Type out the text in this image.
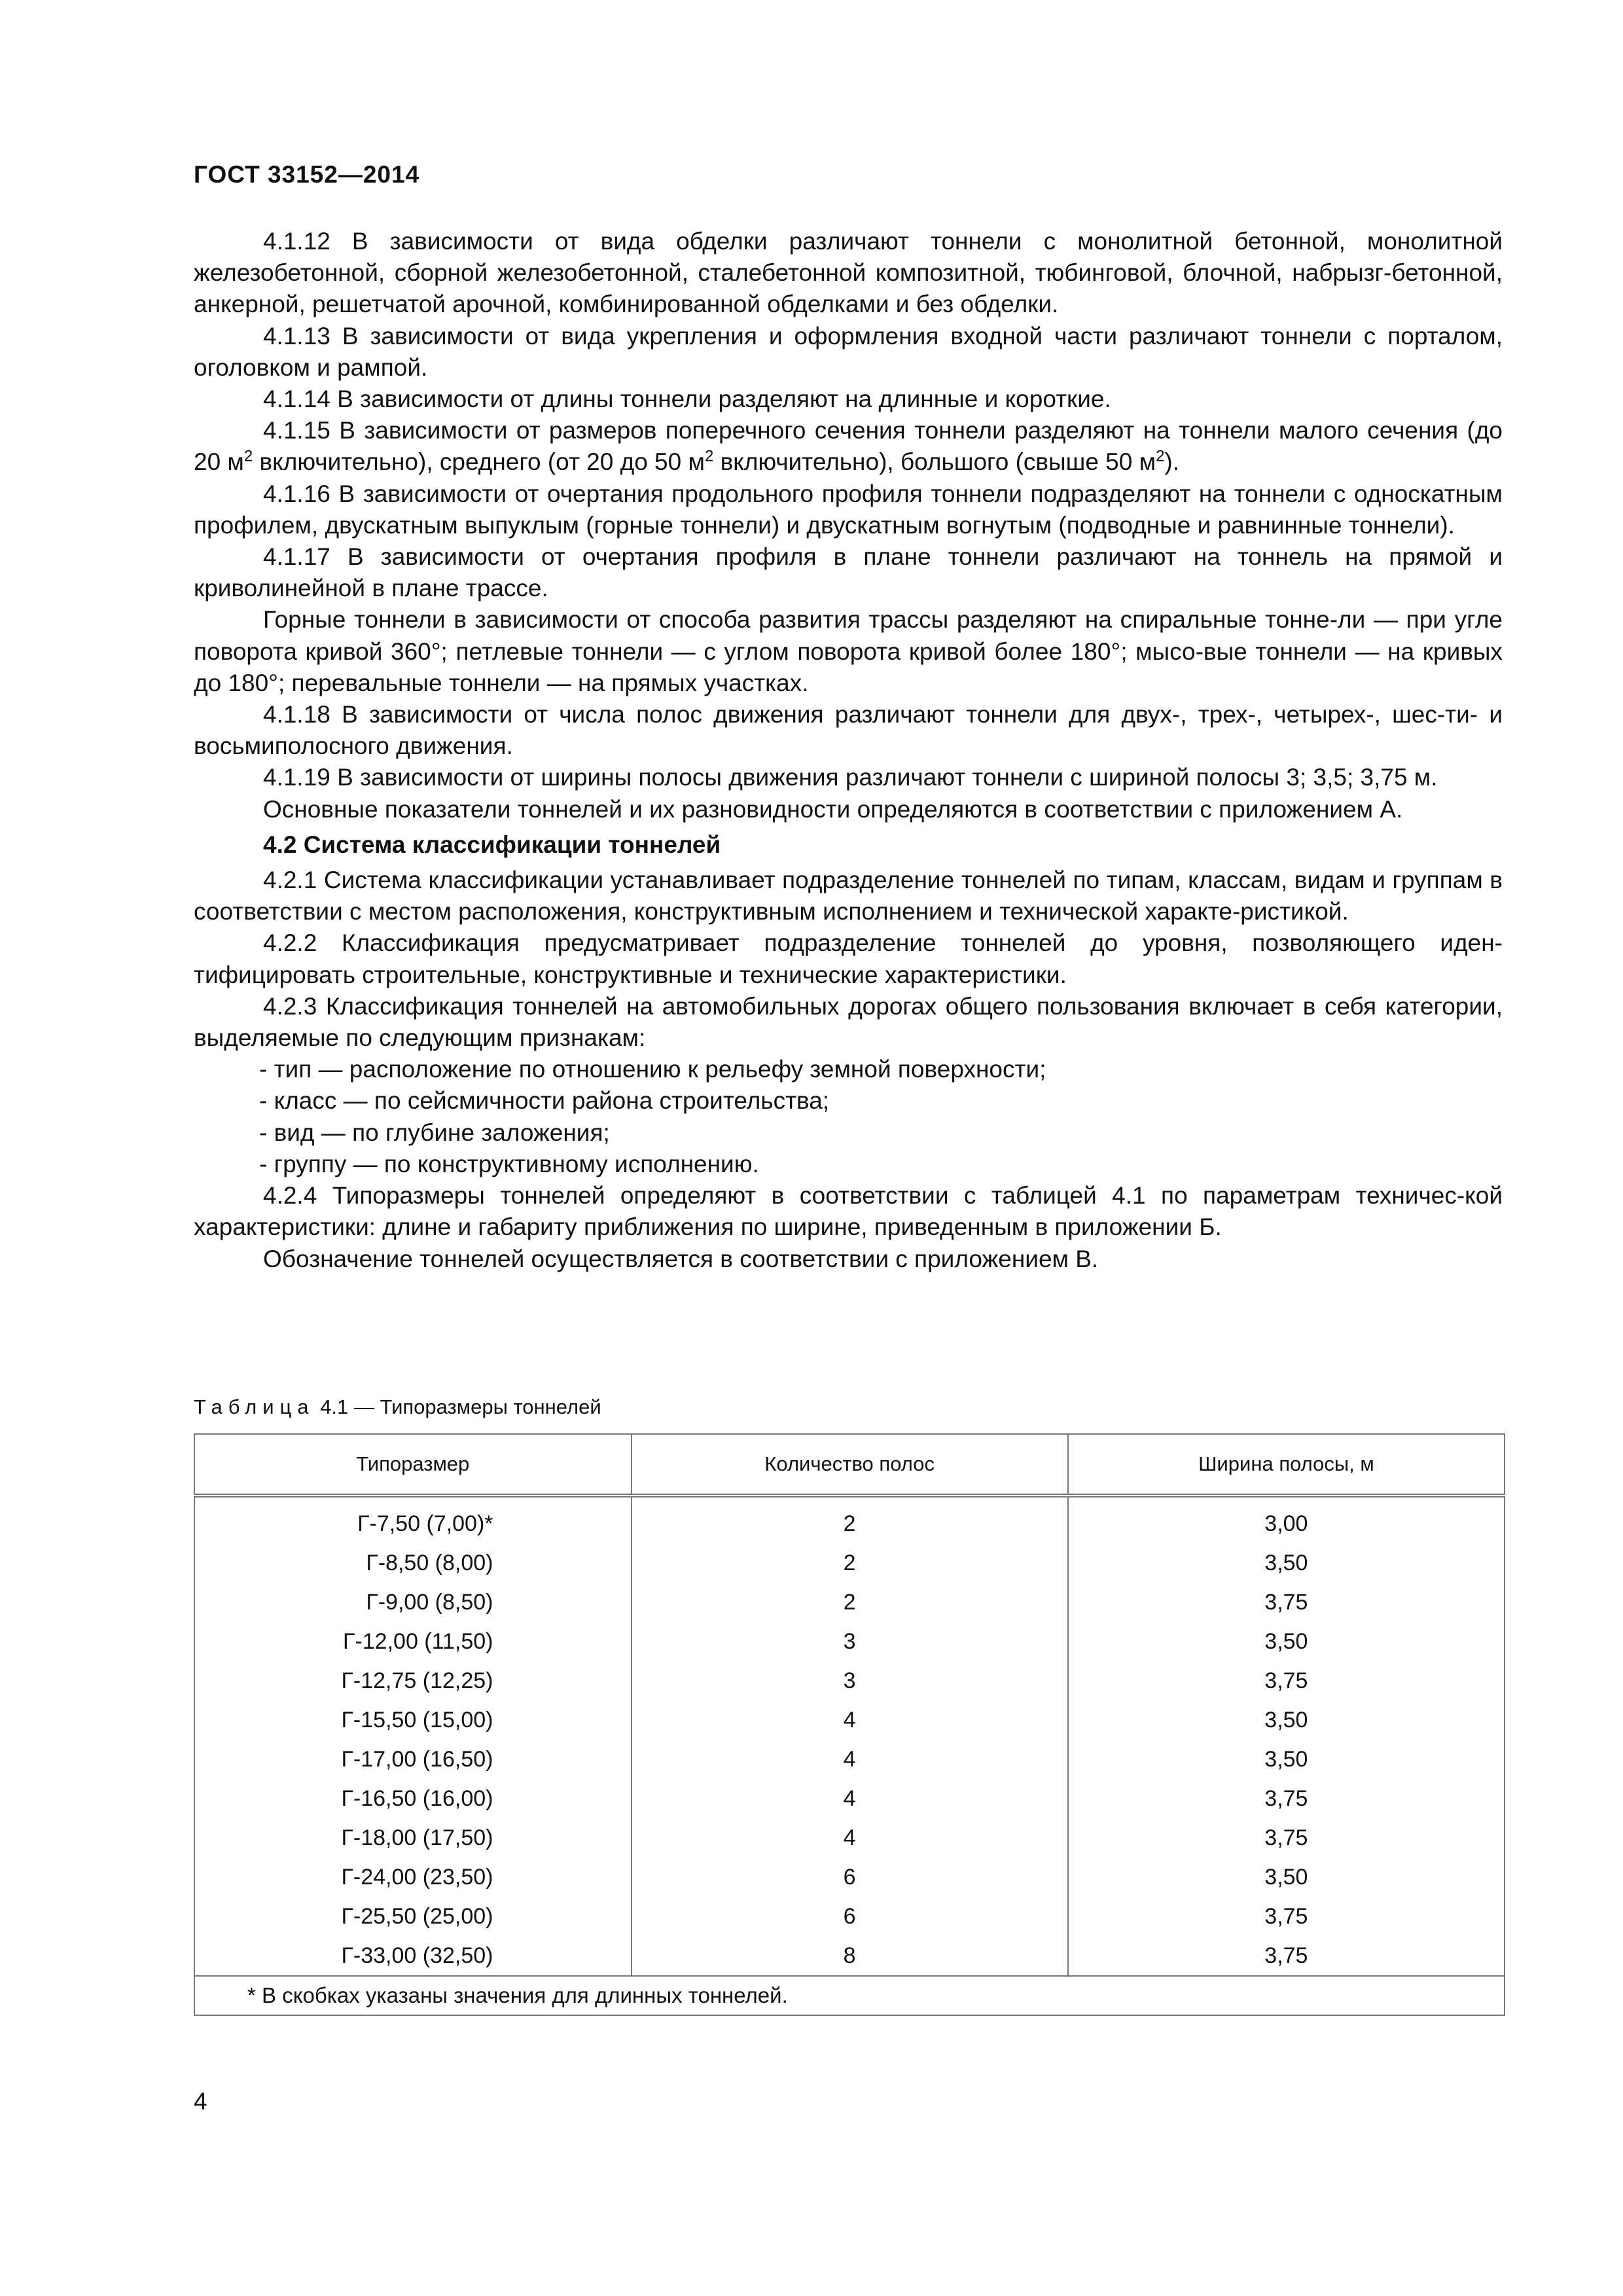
ГОСТ 33152—2014

4.1.12 В зависимости от вида обделки различают тоннели с монолитной бетонной, монолитной железобетонной, сборной железобетонной, сталебетонной композитной, тюбинговой, блочной, набрызг-бетонной, анкерной, решетчатой арочной, комбинированной обделками и без обделки.

4.1.13 В зависимости от вида укрепления и оформления входной части различают тоннели с порталом, оголовком и рампой.

4.1.14 В зависимости от длины тоннели разделяют на длинные и короткие.

4.1.15 В зависимости от размеров поперечного сечения тоннели разделяют на тоннели малого сечения (до 20 $м^2$ включительно), среднего (от 20 до 50 $м^2$ включительно), большого (свыше 50 $м^2$).

4.1.16 В зависимости от очертания продольного профиля тоннели подразделяют на тоннели с односкатным профилем, двускатным выпуклым (горные тоннели) и двускатным вогнутым (подводные и равнинные тоннели).

4.1.17 В зависимости от очертания профиля в плане тоннели различают на тоннель на прямой и криволинейной в плане трассе.

Горные тоннели в зависимости от способа развития трассы разделяют на спиральные тонне-ли — при угле поворота кривой 360°; петлевые тоннели — с углом поворота кривой более 180°; мысо-вые тоннели — на кривых до 180°; перевальные тоннели — на прямых участках.

4.1.18 В зависимости от числа полос движения различают тоннели для двух-, трех-, четырех-, шес-ти- и восьмиполосного движения.

4.1.19 В зависимости от ширины полосы движения различают тоннели с шириной полосы 3; 3,5; 3,75 м.

Основные показатели тоннелей и их разновидности определяются в соответствии с приложением А.

4.2 Система классификации тоннелей

4.2.1 Система классификации устанавливает подразделение тоннелей по типам, классам, видам и группам в соответствии с местом расположения, конструктивным исполнением и технической характе-ристикой.

4.2.2 Классификация предусматривает подразделение тоннелей до уровня, позволяющего иден-тифицировать строительные, конструктивные и технические характеристики.

4.2.3 Классификация тоннелей на автомобильных дорогах общего пользования включает в себя категории, выделяемые по следующим признакам:

- тип — расположение по отношению к рельефу земной поверхности;

- класс — по сейсмичности района строительства;

- вид — по глубине заложения;

- группу — по конструктивному исполнению.

4.2.4 Типоразмеры тоннелей определяют в соответствии с таблицей 4.1 по параметрам техничес-кой характеристики: длине и габариту приближения по ширине, приведенным в приложении Б.

Обозначение тоннелей осуществляется в соответствии с приложением В.

Таблица 4.1 — Типоразмеры тоннелей
Типоразмер	Количество полос	Ширина полосы, м
Г-7,50 (7,00)*	2	3,00
Г-8,50 (8,00)	2	3,50
Г-9,00 (8,50)	2	3,75
Г-12,00 (11,50)	3	3,50
Г-12,75 (12,25)	3	3,75
Г-15,50 (15,00)	4	3,50
Г-17,00 (16,50)	4	3,50
Г-16,50 (16,00)	4	3,75
Г-18,00 (17,50)	4	3,75
Г-24,00 (23,50)	6	3,50
Г-25,50 (25,00)	6	3,75
Г-33,00 (32,50)	8	3,75
* В скобках указаны значения для длинных тоннелей.		
4
